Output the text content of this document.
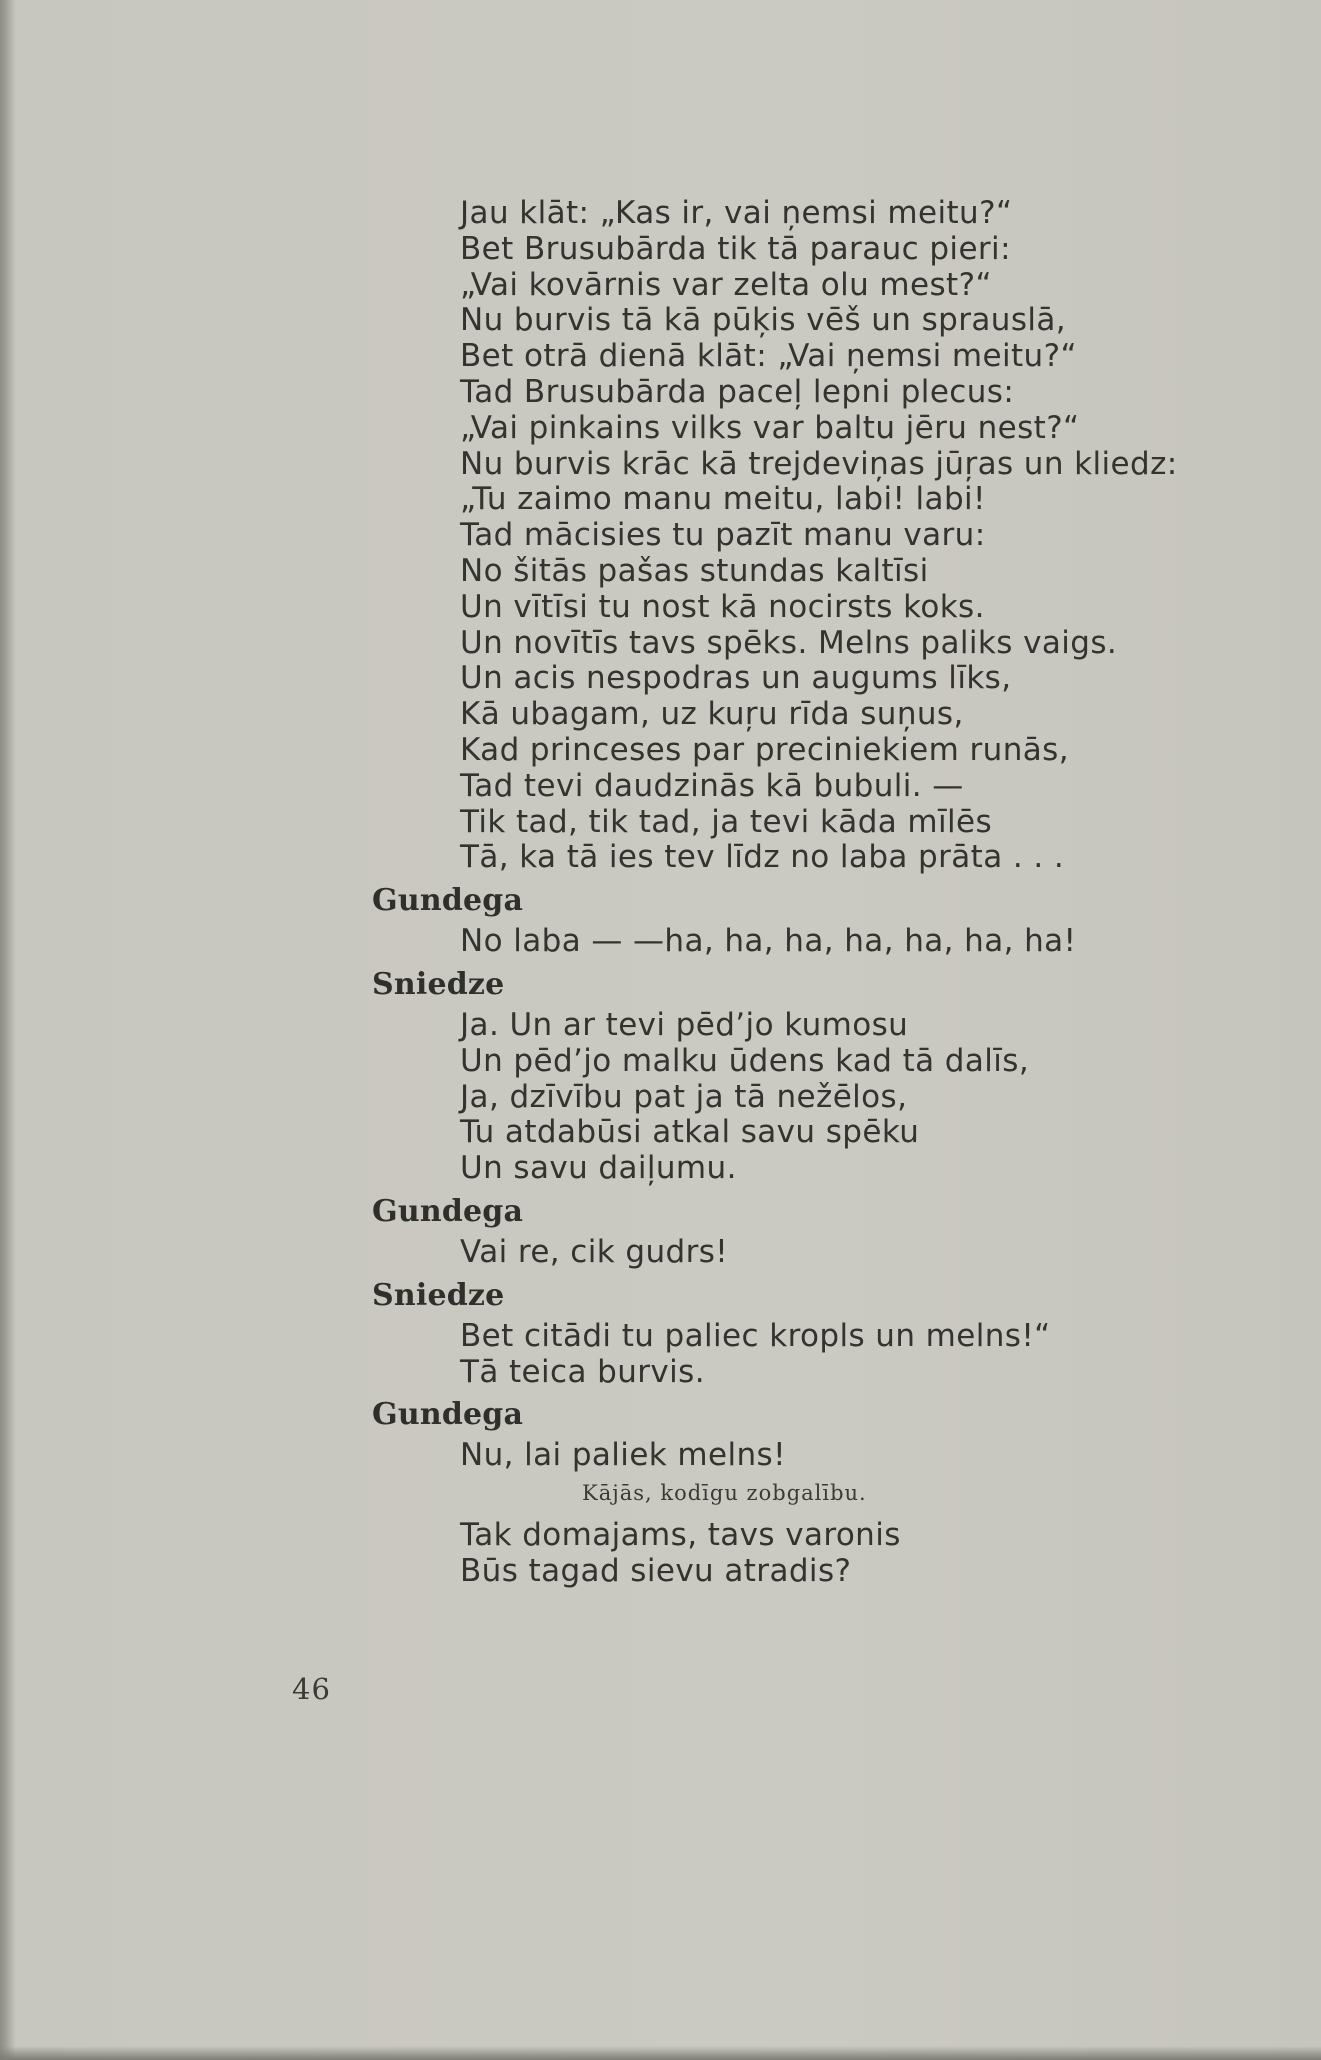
Jau klāt: „Kas ir, vai ņemsi meitu?“
Bet Brusubārda tik tā parauc pieri:
„Vai kovārnis var zelta olu mest?“
Nu burvis tā kā pūķis vēš un sprauslā,
Bet otrā dienā klāt: „Vai ņemsi meitu?“
Tad Brusubārda paceļ lepni plecus:
„Vai pinkains vilks var baltu jēru nest?“
Nu burvis krāc kā trejdeviņas jūŗas un kliedz:
„Tu zaimo manu meitu, labi! labi!
Tad mācisies tu pazīt manu varu:
No šitās pašas stundas kaltīsi
Un vītīsi tu nost kā nocirsts koks.
Un novītīs tavs spēks. Melns paliks vaigs.
Un acis nespodras un augums līks,
Kā ubagam, uz kuŗu rīda suņus,
Kad princeses par preciniekiem runās,
Tad tevi daudzinās kā bubuli. —
Tik tad, tik tad, ja tevi kāda mīlēs
Tā, ka tā ies tev līdz no laba prāta . . .
Gundega
No laba — —ha, ha, ha, ha, ha, ha, ha!
Sniedze
Ja. Un ar tevi pēd’jo kumosu
Un pēd’jo malku ūdens kad tā dalīs,
Ja, dzīvību pat ja tā nežēlos,
Tu atdabūsi atkal savu spēku
Un savu daiļumu.
Gundega
Vai re, cik gudrs!
Sniedze
Bet citādi tu paliec kropls un melns!“
Tā teica burvis.
Gundega
Nu, lai paliek melns!
Kājās, kodīgu zobgalību.
Tak domajams, tavs varonis
Būs tagad sievu atradis?
46
